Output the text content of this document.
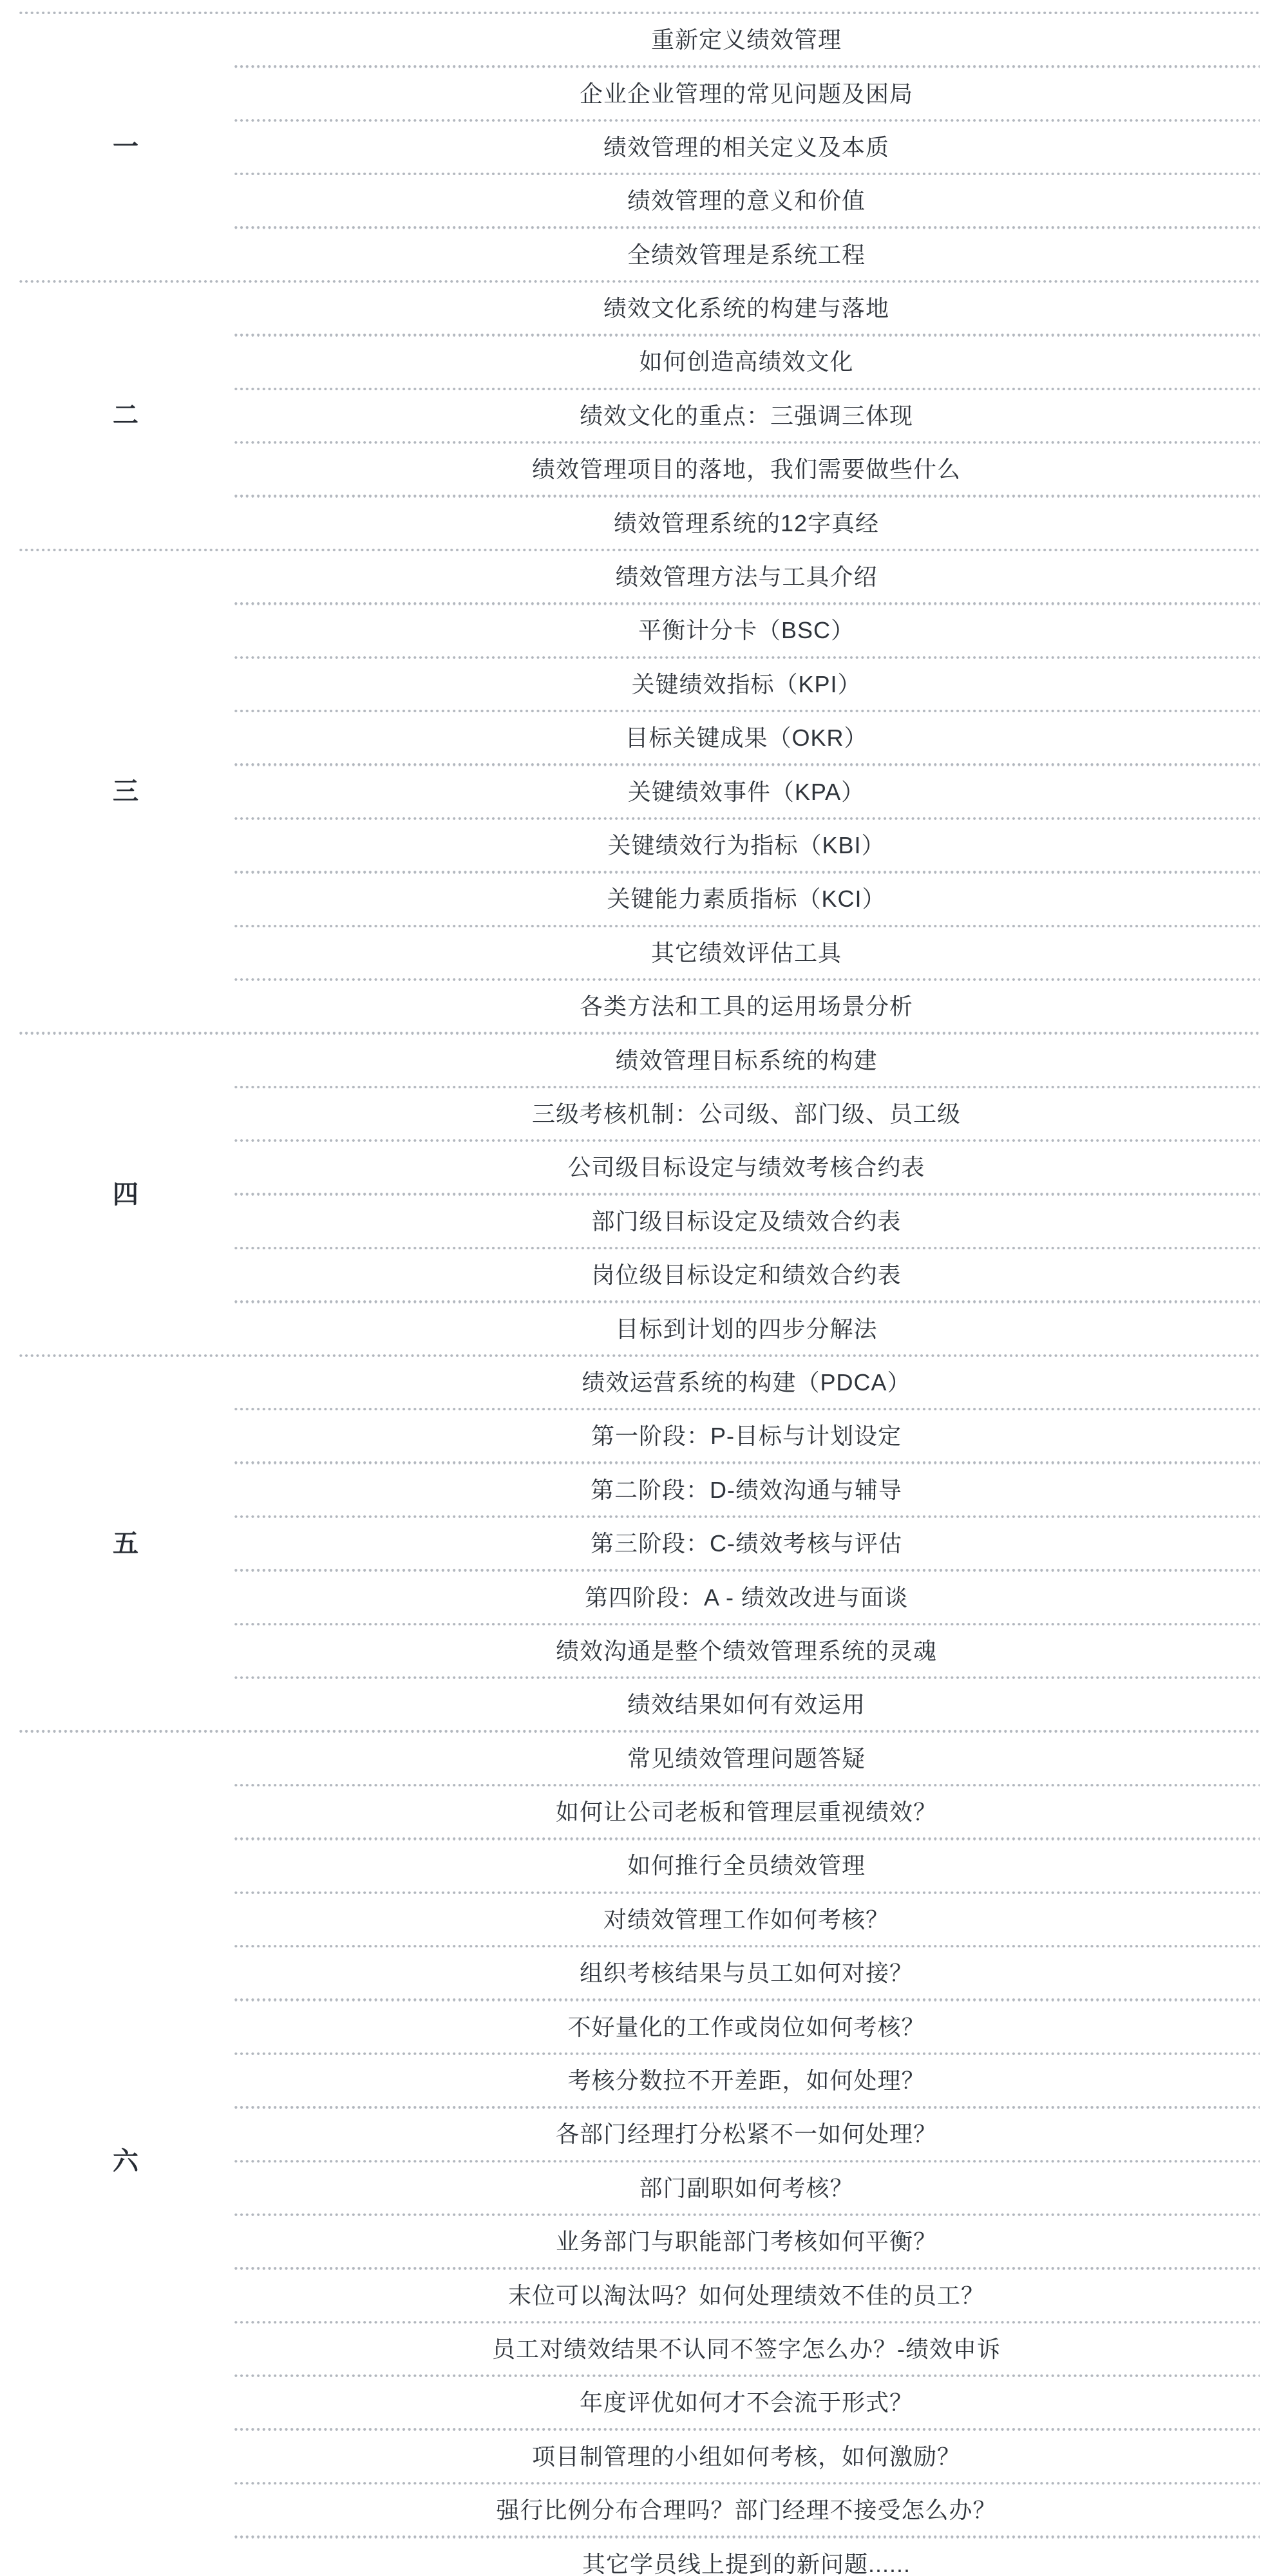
一
重新定义绩效管理
企业企业管理的常见问题及困局
绩效管理的相关定义及本质
绩效管理的意义和价值
全绩效管理是系统工程
二
绩效文化系统的构建与落地
如何创造高绩效文化
绩效文化的重点：三强调三体现
绩效管理项目的落地，我们需要做些什么
绩效管理系统的12字真经
三
绩效管理方法与工具介绍
平衡计分卡（BSC）
关键绩效指标（KPI）
目标关键成果（OKR）
关键绩效事件（KPA）
关键绩效行为指标（KBI）
关键能力素质指标（KCI）
其它绩效评估工具
各类方法和工具的运用场景分析
四
绩效管理目标系统的构建
三级考核机制：公司级、部门级、员工级
公司级目标设定与绩效考核合约表
部门级目标设定及绩效合约表
岗位级目标设定和绩效合约表
目标到计划的四步分解法
五
绩效运营系统的构建（PDCA）
第一阶段：P-目标与计划设定
第二阶段：D-绩效沟通与辅导
第三阶段：C-绩效考核与评估
第四阶段：A - 绩效改进与面谈
绩效沟通是整个绩效管理系统的灵魂
绩效结果如何有效运用
六
常见绩效管理问题答疑
如何让公司老板和管理层重视绩效？
如何推行全员绩效管理
对绩效管理工作如何考核？
组织考核结果与员工如何对接？
不好量化的工作或岗位如何考核？
考核分数拉不开差距，如何处理？
各部门经理打分松紧不一如何处理？
部门副职如何考核？
业务部门与职能部门考核如何平衡？
末位可以淘汰吗？如何处理绩效不佳的员工？
员工对绩效结果不认同不签字怎么办？-绩效申诉
年度评优如何才不会流于形式？
项目制管理的小组如何考核，如何激励？
强行比例分布合理吗？部门经理不接受怎么办？
其它学员线上提到的新问题......
